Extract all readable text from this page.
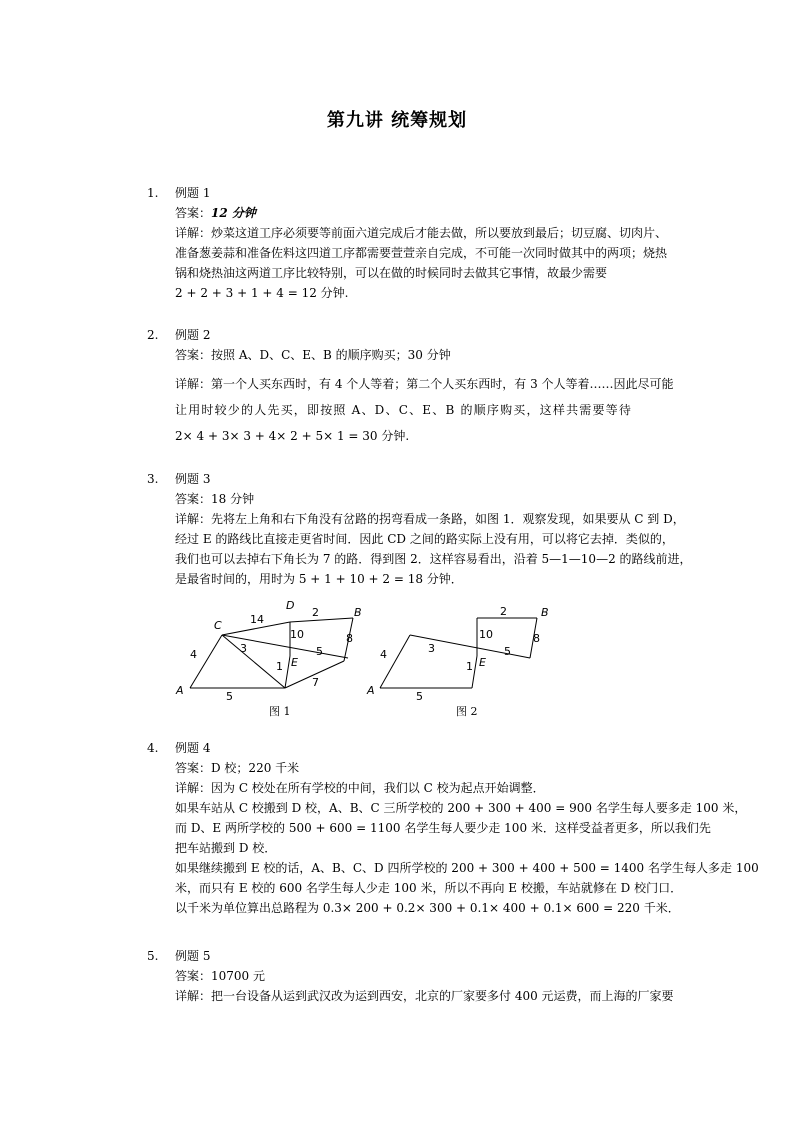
第九讲 统筹规划
1.	例题 1
答案：12 分钟
详解：炒菜这道工序必须要等前面六道完成后才能去做，所以要放到最后；切豆腐、切肉片、
准备葱姜蒜和准备佐料这四道工序都需要萱萱亲自完成，不可能一次同时做其中的两项；烧热
锅和烧热油这两道工序比较特别，可以在做的时候同时去做其它事情，故最少需要
2 + 2 + 3 + 1 + 4 = 12 分钟.
2.	例题 2
答案：按照 A、D、C、E、B 的顺序购买；30 分钟
详解：第一个人买东西时，有 4 个人等着；第二个人买东西时，有 3 个人等着……因此尽可能
让用时较少的人先买，即按照 A、D、C、E、B 的顺序购买，这样共需要等待
2× 4 + 3× 3 + 4× 2 + 5× 1 = 30 分钟.
3.	例题 3
答案：18 分钟
详解：先将左上角和右下角没有岔路的拐弯看成一条路，如图 1．观察发现，如果要从 C 到 D，
经过 E 的路线比直接走更省时间．因此 CD 之间的路实际上没有用，可以将它去掉．类似的，
我们也可以去掉右下角长为 7 的路．得到图 2．这样容易看出，沿着 5—1—10—2 的路线前进，
是最省时间的，用时为 5 + 1 + 10 + 2 = 18 分钟．
A
C
D
B
E
14
2
4	3
10	8
1
5
5
7
A
E
B
2
4	3
10	8
1
5
5
图 1	图 2
4.	例题 4
答案：D 校；220 千米
详解：因为 C 校处在所有学校的中间，我们以 C 校为起点开始调整．
如果车站从 C 校搬到 D 校，A、B、C 三所学校的 200 + 300 + 400 = 900 名学生每人要多走 100 米，
而 D、E 两所学校的 500 + 600 = 1100 名学生每人要少走 100 米．这样受益者更多，所以我们先
把车站搬到 D 校．
如果继续搬到 E 校的话，A、B、C、D 四所学校的 200 + 300 + 400 + 500 = 1400 名学生每人多走 100
米，而只有 E 校的 600 名学生每人少走 100 米，所以不再向 E 校搬，车站就修在 D 校门口．
以千米为单位算出总路程为 0.3× 200 + 0.2× 300 + 0.1× 400 + 0.1× 600 = 220 千米．
5.	例题 5
答案：10700 元
详解：把一台设备从运到武汉改为运到西安，北京的厂家要多付 400 元运费，而上海的厂家要
